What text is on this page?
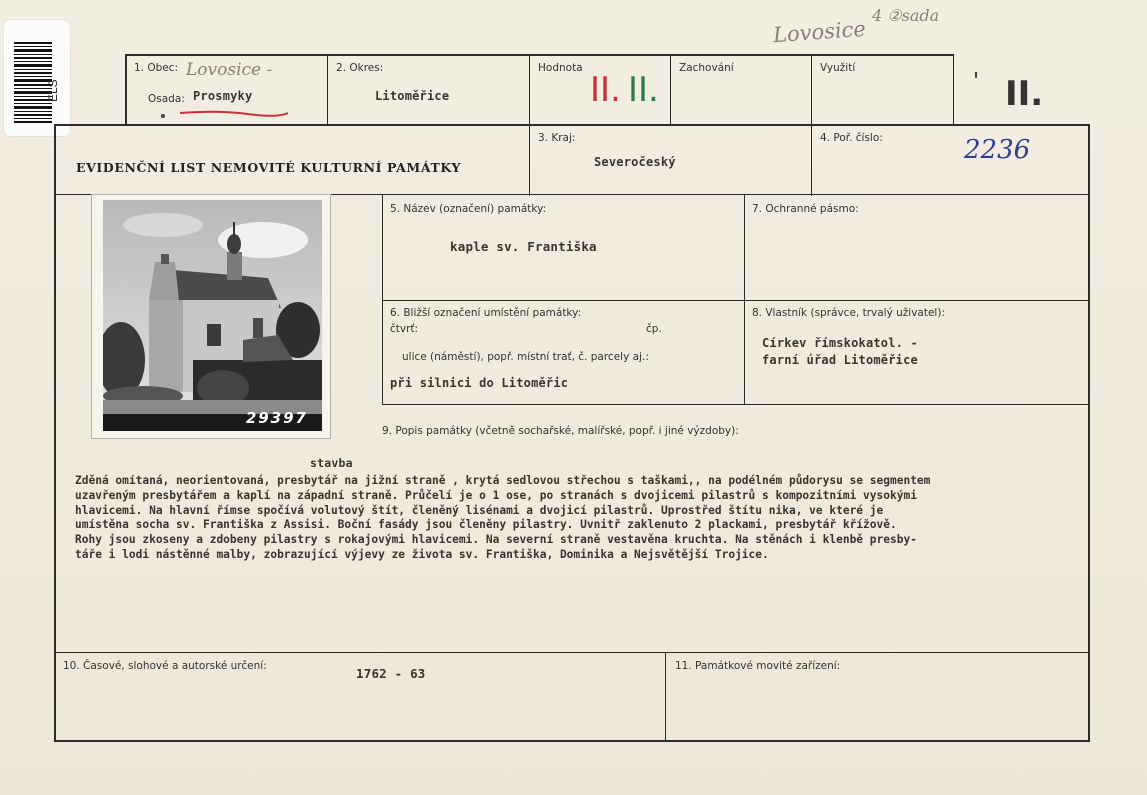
ELS
Lovosice
4 ②sada
1. Obec: Lovosice -
Osada: Prosmyky
2. Okres:
Litoměřice
Hodnota
II. II.
Zachování	Využití
II.
EVIDENČNÍ LIST NEMOVITÉ KULTURNÍ PAMÁTKY
3. Kraj:
Severočeský
4. Poř. číslo:	2236
29397
5. Název (označení) památky:
kaple sv. Františka
7. Ochranné pásmo:
6. Bližší označení umístění památky:
čtvrť:	čp.
ulice (náměstí), popř. místní trať, č. parcely aj.:
při silnici do Litoměřic
8. Vlastník (správce, trvalý uživatel):
Církev římskokatol. -
farní úřad Litoměřice
9. Popis památky (včetně sochařské, malířské, popř. i jiné výzdoby):
stavba
Zděná omítaná, neorientovaná, presbytář na jižní straně , krytá sedlovou střechou s taškami,, na podélném půdorysu se segmentem
uzavřeným presbytářem a kaplí na západní straně. Průčelí je o 1 ose, po stranách s dvojicemi pilastrů s kompozitními vysokými
hlavicemi. Na hlavní římse spočívá volutový štít, členěný lisénami a dvojicí pilastrů. Uprostřed štítu nika, ve které je
umístěna socha sv. Františka z Assisi. Boční fasády jsou členěny pilastry. Uvnitř zaklenuto 2 plackami, presbytář křížově.
Rohy jsou zkoseny a zdobeny pilastry s rokajovými hlavicemi. Na severní straně vestavěna kruchta. Na stěnách i klenbě presby-
táře i lodi nástěnné malby, zobrazující výjevy ze života sv. Františka, Dominika a Nejsvětější Trojice.
10. Časové, slohové a autorské určení:	1762 - 63	11. Památkové movité zařízení:
